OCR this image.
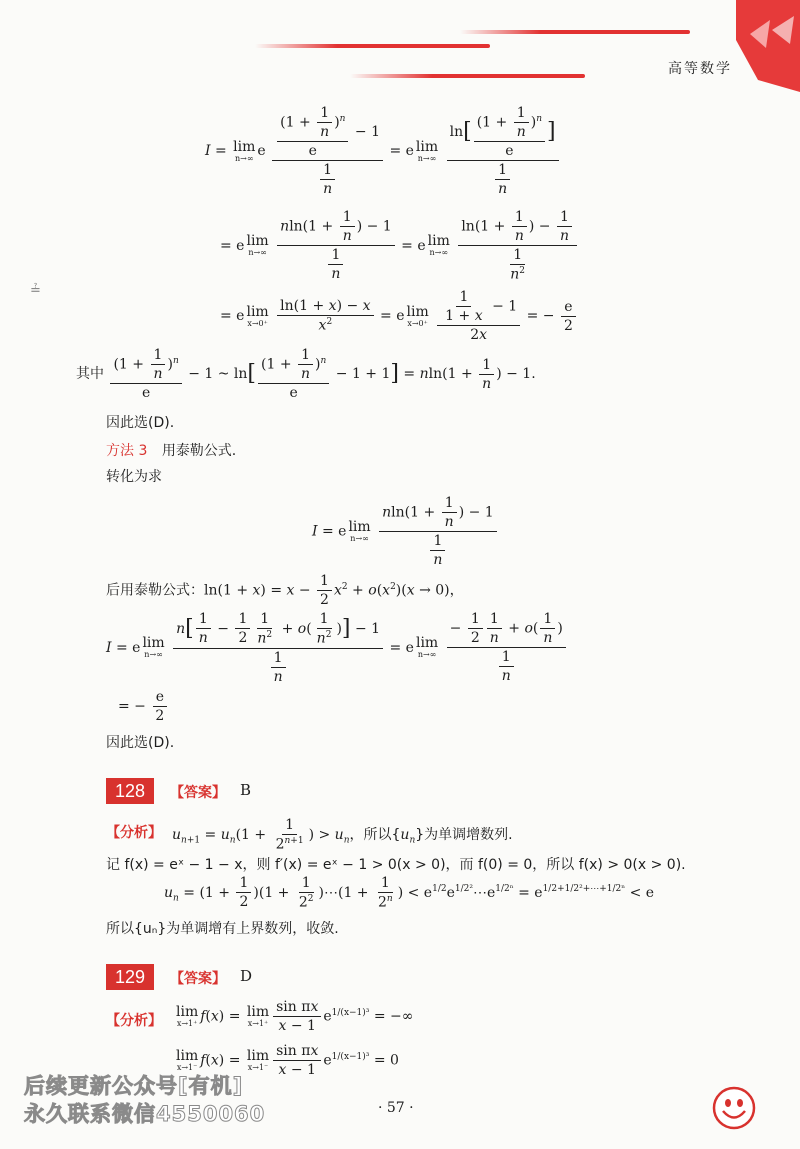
高等数学
≟
I = lim
n→∞ e $\frac{\frac{(1 + \frac{1}{n} )^n}{e} - 1}{\frac{1}{n}} = e$ lim
n→∞
$\frac{\ln[ \frac{(1 + \frac{1}{n} )^n}{e} ]}{\frac{1}{n}}$
= e lim
n→∞
$\frac{nln(1 + \frac{1}{n} ) - 1}{\frac{1}{n}} = e$ lim
n→∞
$\frac{\ln(1 + \frac{1}{n} ) - \frac{1}{n}}{\frac{1}{n^2}}$
= e lim
x→0⁺
$\frac{\ln(1 + x) - x}{x^2} = e$ lim
x→0⁺
$\frac{\frac{1}{1 + x} - 1}{2x}$ = − $\frac{e}{2}$
其中 $\frac{(1 + \frac{1}{n} )^n}{e} - 1$ ~ $\ln[ \frac{(1 + \frac{1}{n} )^n}{e} - 1 + 1] = nln(1 + \frac{1}{n}$ ) − 1.
因此选(D).
方法 3 用泰勒公式.
转化为求
I = e lim
n→∞
$\frac{nln(1 + \frac{1}{n} ) - 1}{\frac{1}{n}}$
后用泰勒公式：$\ln(1 + x) = x - \frac{1}{2} x^2 + o(x^2)(x \to 0)$，
I = e lim
n→∞
$\frac{n[ \frac{1}{n} - \frac{1}{2} \frac{1}{n^2} + o( \frac{1}{n^2} )] - 1}{\frac{1}{n}} = e$ lim
n→∞
$\frac{- \frac{1}{2} \frac{1}{n} + o( \frac{1}{n} )}{\frac{1}{n}}$
= − $\frac{e}{2}$
因此选(D).
128	【答案】 B
【分析】 $u_{n+1} = u_n(1 + \frac{1}{2^{n+1}}$ ) > $u_n$，所以$\{u_n\}$为单调增数列.
记 f(x) = eˣ − 1 − x，则 f′(x) = eˣ − 1 > 0(x > 0)，而 f(0) = 0，所以 f(x) > 0(x > 0).
$u_n = (1 + \frac{1}{2} )(1 + \frac{1}{2^2}$ )⋯(1 + $\frac{1}{2^n}$ ) < $e^{1/2}e^{1/2^2}\cdots e^{1/2^n} = e^{1/2+1/2^2+\cdots+1/2^n} < e$
所以{uₙ}为单调增有上界数列，收敛.
129	【答案】 D
【分析】
lim
x→1⁺ f(x) = lim
$x\to 1^+ \frac{\text{sin πx}}{x - 1} e^{1/(x-1)^3}$ = −∞
lim
x→1⁻ f(x) = lim
$x\to 1^- \frac{\text{sin πx}}{x - 1} e^{1/(x-1)^3} = 0$
后续更新公众号[有机]
永久联系微信4550060	· 57 ·
